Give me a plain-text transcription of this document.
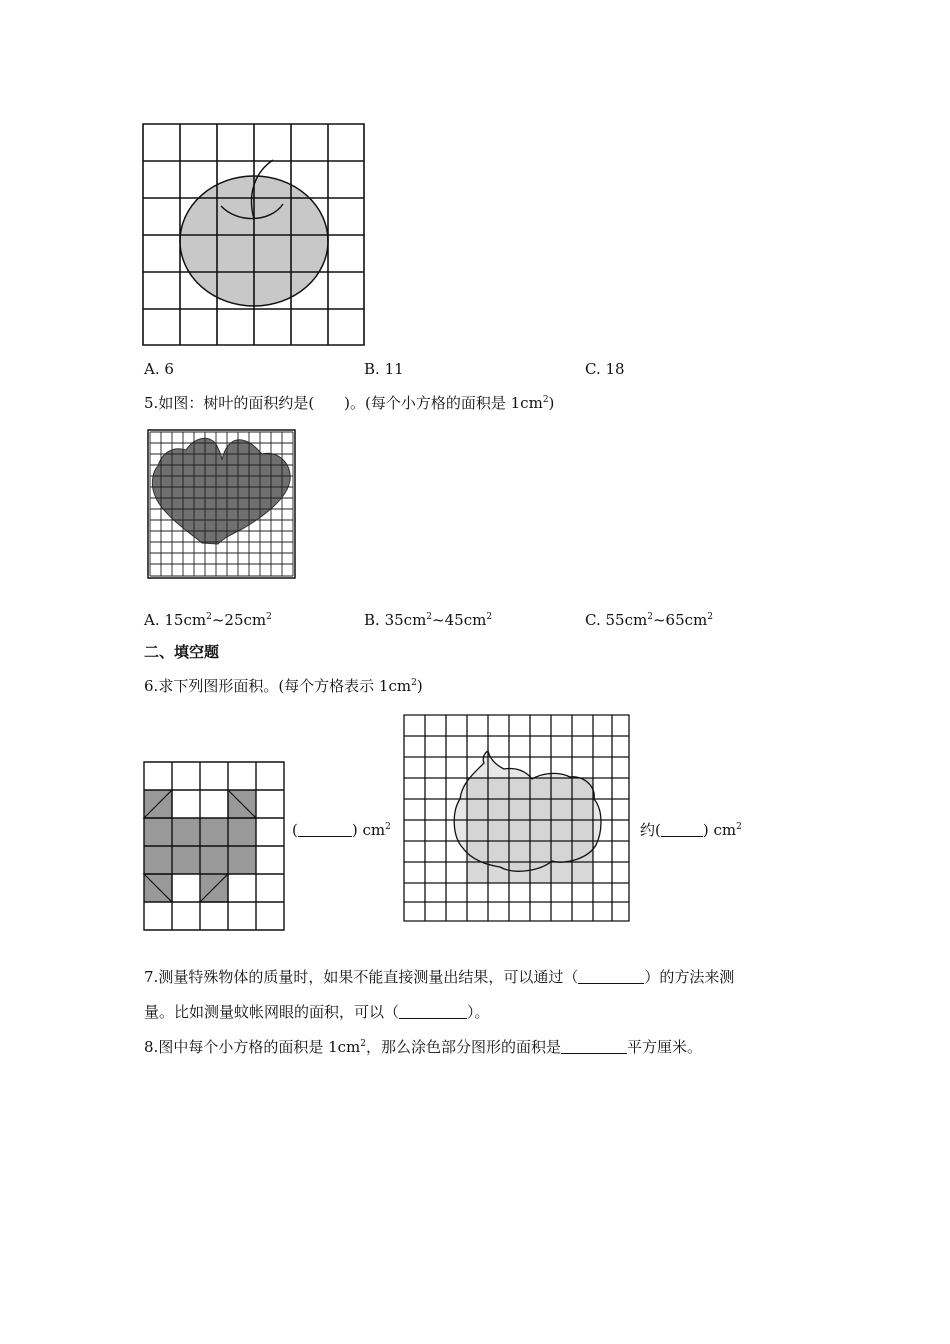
A. 6	B. 11	C. 18
5.如图：树叶的面积约是(　　)。(每个小方格的面积是 $1cm^2$)
A. $15cm^2\sim 25cm^2$	B. $35cm^2\sim 45cm^2$	C. $55cm^2\sim 65cm^2$
二、填空题
6.求下列图形面积。(每个方格表示 $1cm^2$)
(	) $cm^2$	约(	) $cm^2$
7.测量特殊物体的质量时，如果不能直接测量出结果，可以通过（	）的方法来测
量。比如测量蚊帐网眼的面积，可以（	）。
8.图中每个小方格的面积是 $1cm^2$，那么涂色部分图形的面积是	平方厘米。
